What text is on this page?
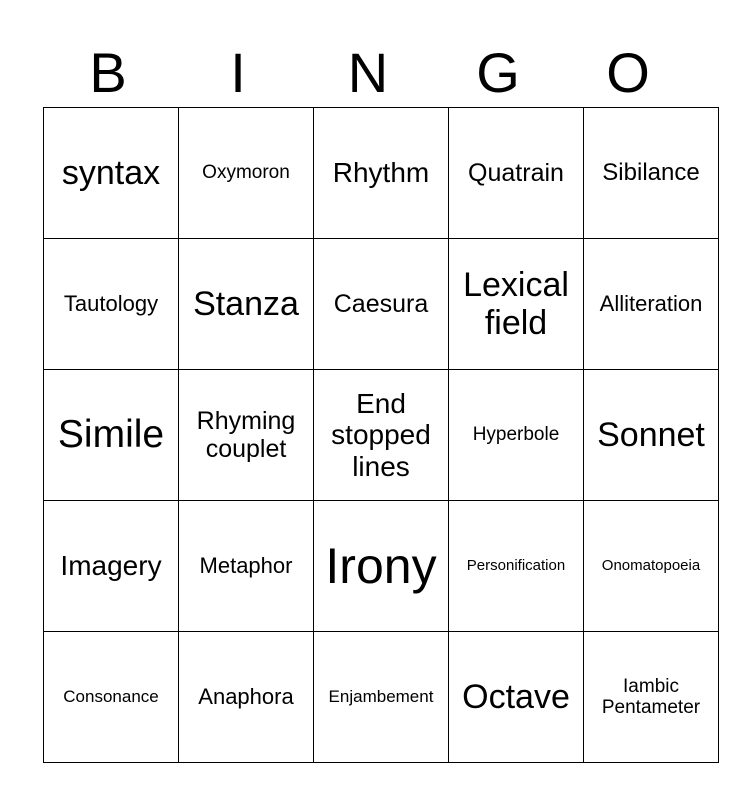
B	I	N	G	O
syntax	Oxymoron	Rhythm	Quatrain	Sibilance
Tautology	Stanza	Caesura	Lexical field	Alliteration
Simile	Rhyming couplet	End stopped lines	Hyperbole	Sonnet
Imagery	Metaphor	Irony	Personification	Onomatopoeia
Consonance	Anaphora	Enjambement	Octave	Iambic Pentameter
